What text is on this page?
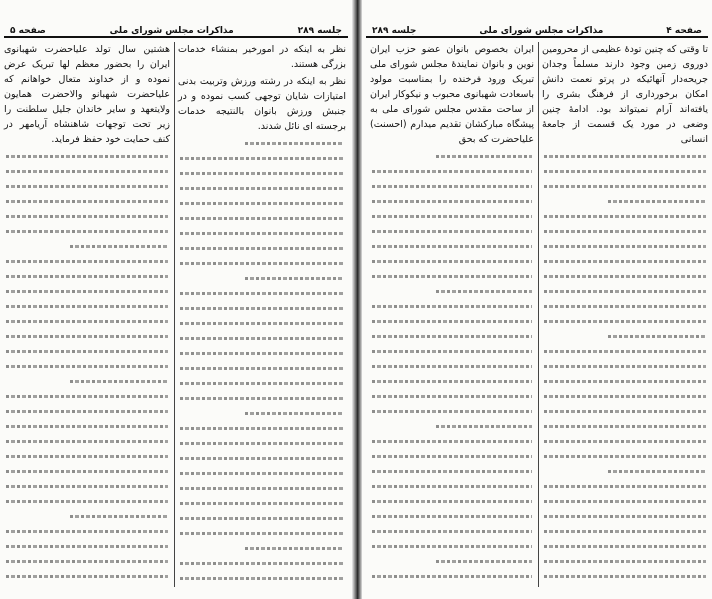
جلسه ۲۸۹
مذاکرات مجلس شورای ملی
صفحه ۵

نظر به اینکه در امورخیر بمنشاء خدمات بزرگی هستند.

نظر به اینکه در رشته ورزش وتربیت بدنی امتیازات شایان توجهی کسب نموده و در جنبش ورزش بانوان بالنتیجه خدمات برجسته ای نائل شدند.

هشتین سال تولد علیاحضرت شهبانوی ایران را بحضور معظم لها تبریک عرض نموده و از خداوند متعال خواهانم که علیاحضرت شهبانو والاحضرت همایون ولایتعهد و سایر خاندان جلیل سلطنت را زیر تحت توجهات شاهنشاه آریامهر در کنف حمایت خود حفظ فرماید.

صفحه ۴
مذاکرات مجلس شورای ملی
جلسه ۲۸۹

تا وقتی که چنین تودهٔ عظیمی از محرومین دوروی زمین وجود دارند مسلماً وجدان جریحه‌دار آنهائیکه در پرتو نعمت دانش امکان برخورداری از فرهنگ بشری را یافته‌اند آرام نمیتواند بود. ادامهٔ چنین وضعی در مورد یک قسمت از جامعهٔ انسانی

ایران بخصوص بانوان عضو حزب ایران نوین و بانوان نمایندهٔ مجلس شورای ملی تبریک ورود فرخنده را بمناسبت مولود باسعادت شهبانوی محبوب و نیکوکار ایران از ساحت مقدس مجلس شورای ملی به پیشگاه مبارکشان تقدیم میدارم (احسنت) علیاحضرت که بحق
